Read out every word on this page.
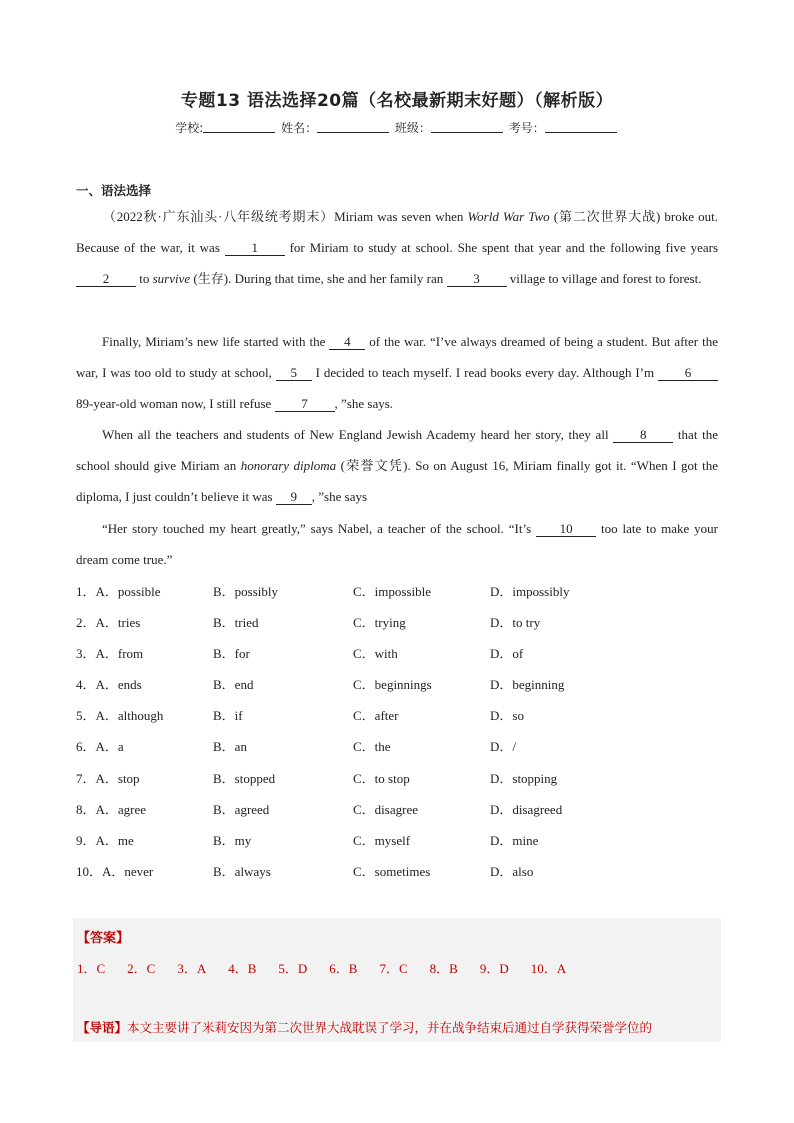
专题13 语法选择20篇（名校最新期末好题）（解析版）
学校:	姓名：	班级：	考号：
一、语法选择
（2022秋·广东汕头·八年级统考期末）Miriam was seven when World War Two (第二次世界大战) broke out. Because of the war, it was 1 for Miriam to study at school. She spent that year and the following five years 2 to survive (生存). During that time, she and her family ran 3 village to village and forest to forest.
Finally, Miriam’s new life started with the 4 of the war. “I’ve always dreamed of being a student. But after the war, I was too old to study at school, 5 I decided to teach myself. I read books every day. Although I’m 6 89-year-old woman now, I still refuse 7 , ”she says.
When all the teachers and students of New England Jewish Academy heard her story, they all 8 that the school should give Miriam an honorary diploma (荣誉文凭). So on August 16, Miriam finally got it. “When I got the diploma, I just couldn’t believe it was 9 , ”she says
“Her story touched my heart greatly,” says Nabel, a teacher of the school. “It’s 10 too late to make your dream come true.”
1．A．possible	B．possibly	C．impossible	D．impossibly
2．A．tries	B．tried	C．trying	D．to try
3．A．from	B．for	C．with	D．of
4．A．ends	B．end	C．beginnings	D．beginning
5．A．although	B．if	C．after	D．so
6．A．a	B．an	C．the	D．/
7．A．stop	B．stopped	C．to stop	D．stopping
8．A．agree	B．agreed	C．disagree	D．disagreed
9．A．me	B．my	C．myself	D．mine
10．A．never	B．always	C．sometimes	D．also
【答案】
1．C 2．C 3．A 4．B 5．D 6．B 7．C 8．B 9．D 10．A
【导语】本文主要讲了米莉安因为第二次世界大战耽误了学习，并在战争结束后通过自学获得荣誉学位的
